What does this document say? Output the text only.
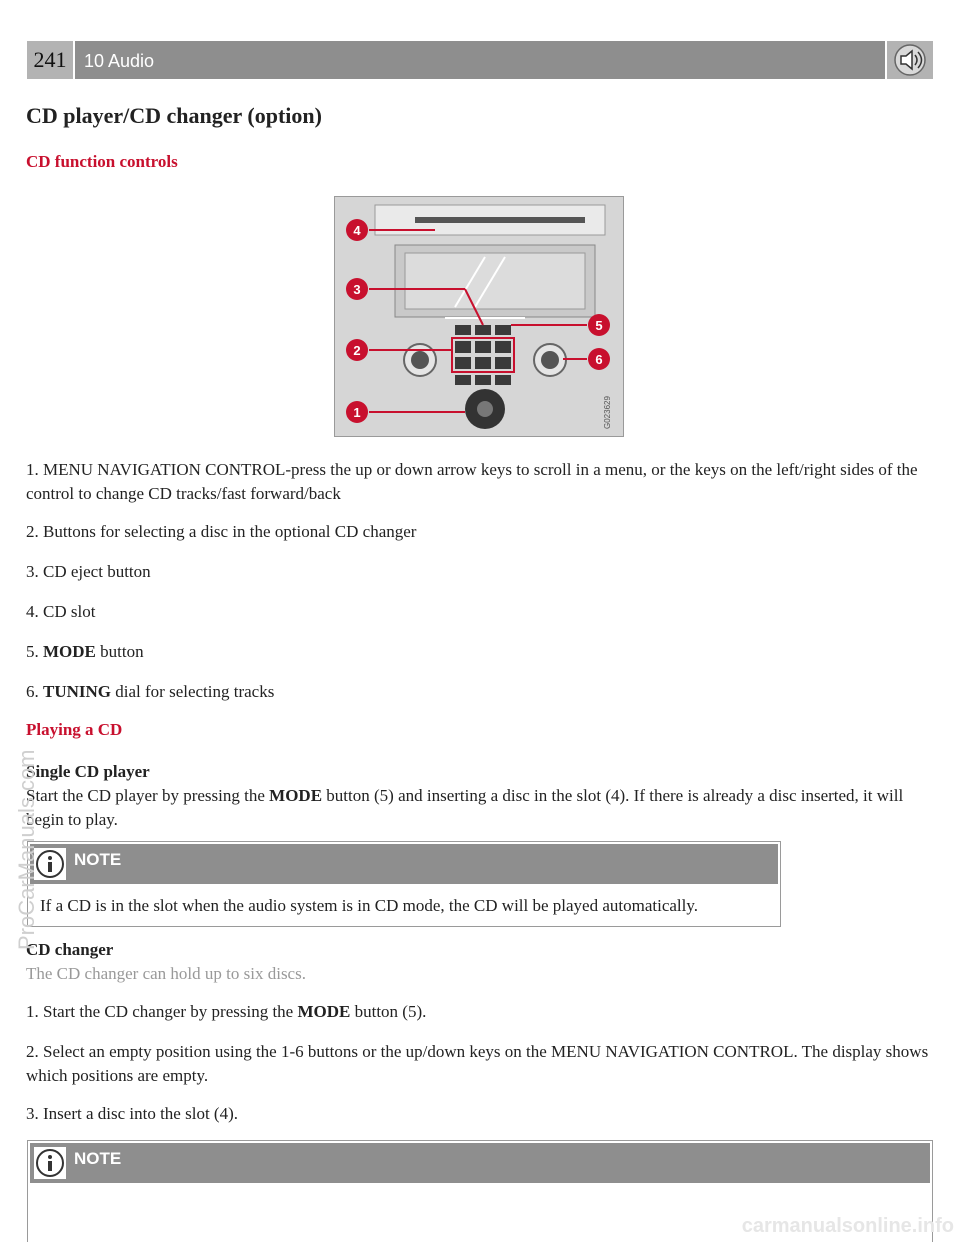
241 10 Audio
CD player/CD changer (option)
CD function controls
4
3
2
1
5
6
G023629
1. MENU NAVIGATION CONTROL-press the up or down arrow keys to scroll in a menu, or the keys on the left/right sides of the control to change CD tracks/fast forward/back
2. Buttons for selecting a disc in the optional CD changer
3. CD eject button
4. CD slot
5. MODE button
6. TUNING dial for selecting tracks
Playing a CD
Single CD player
Start the CD player by pressing the MODE button (5) and inserting a disc in the slot (4). If there is already a disc inserted, it will begin to play.
NOTE
If a CD is in the slot when the audio system is in CD mode, the CD will be played automatically.
CD changer
The CD changer can hold up to six discs.
1. Start the CD changer by pressing the MODE button (5).
2. Select an empty position using the 1-6 buttons or the up/down keys on the MENU NAVIGATION CONTROL. The display shows which positions are empty.
3. Insert a disc into the slot (4).
NOTE
ProCarManuals.com
carmanualsonline.info
